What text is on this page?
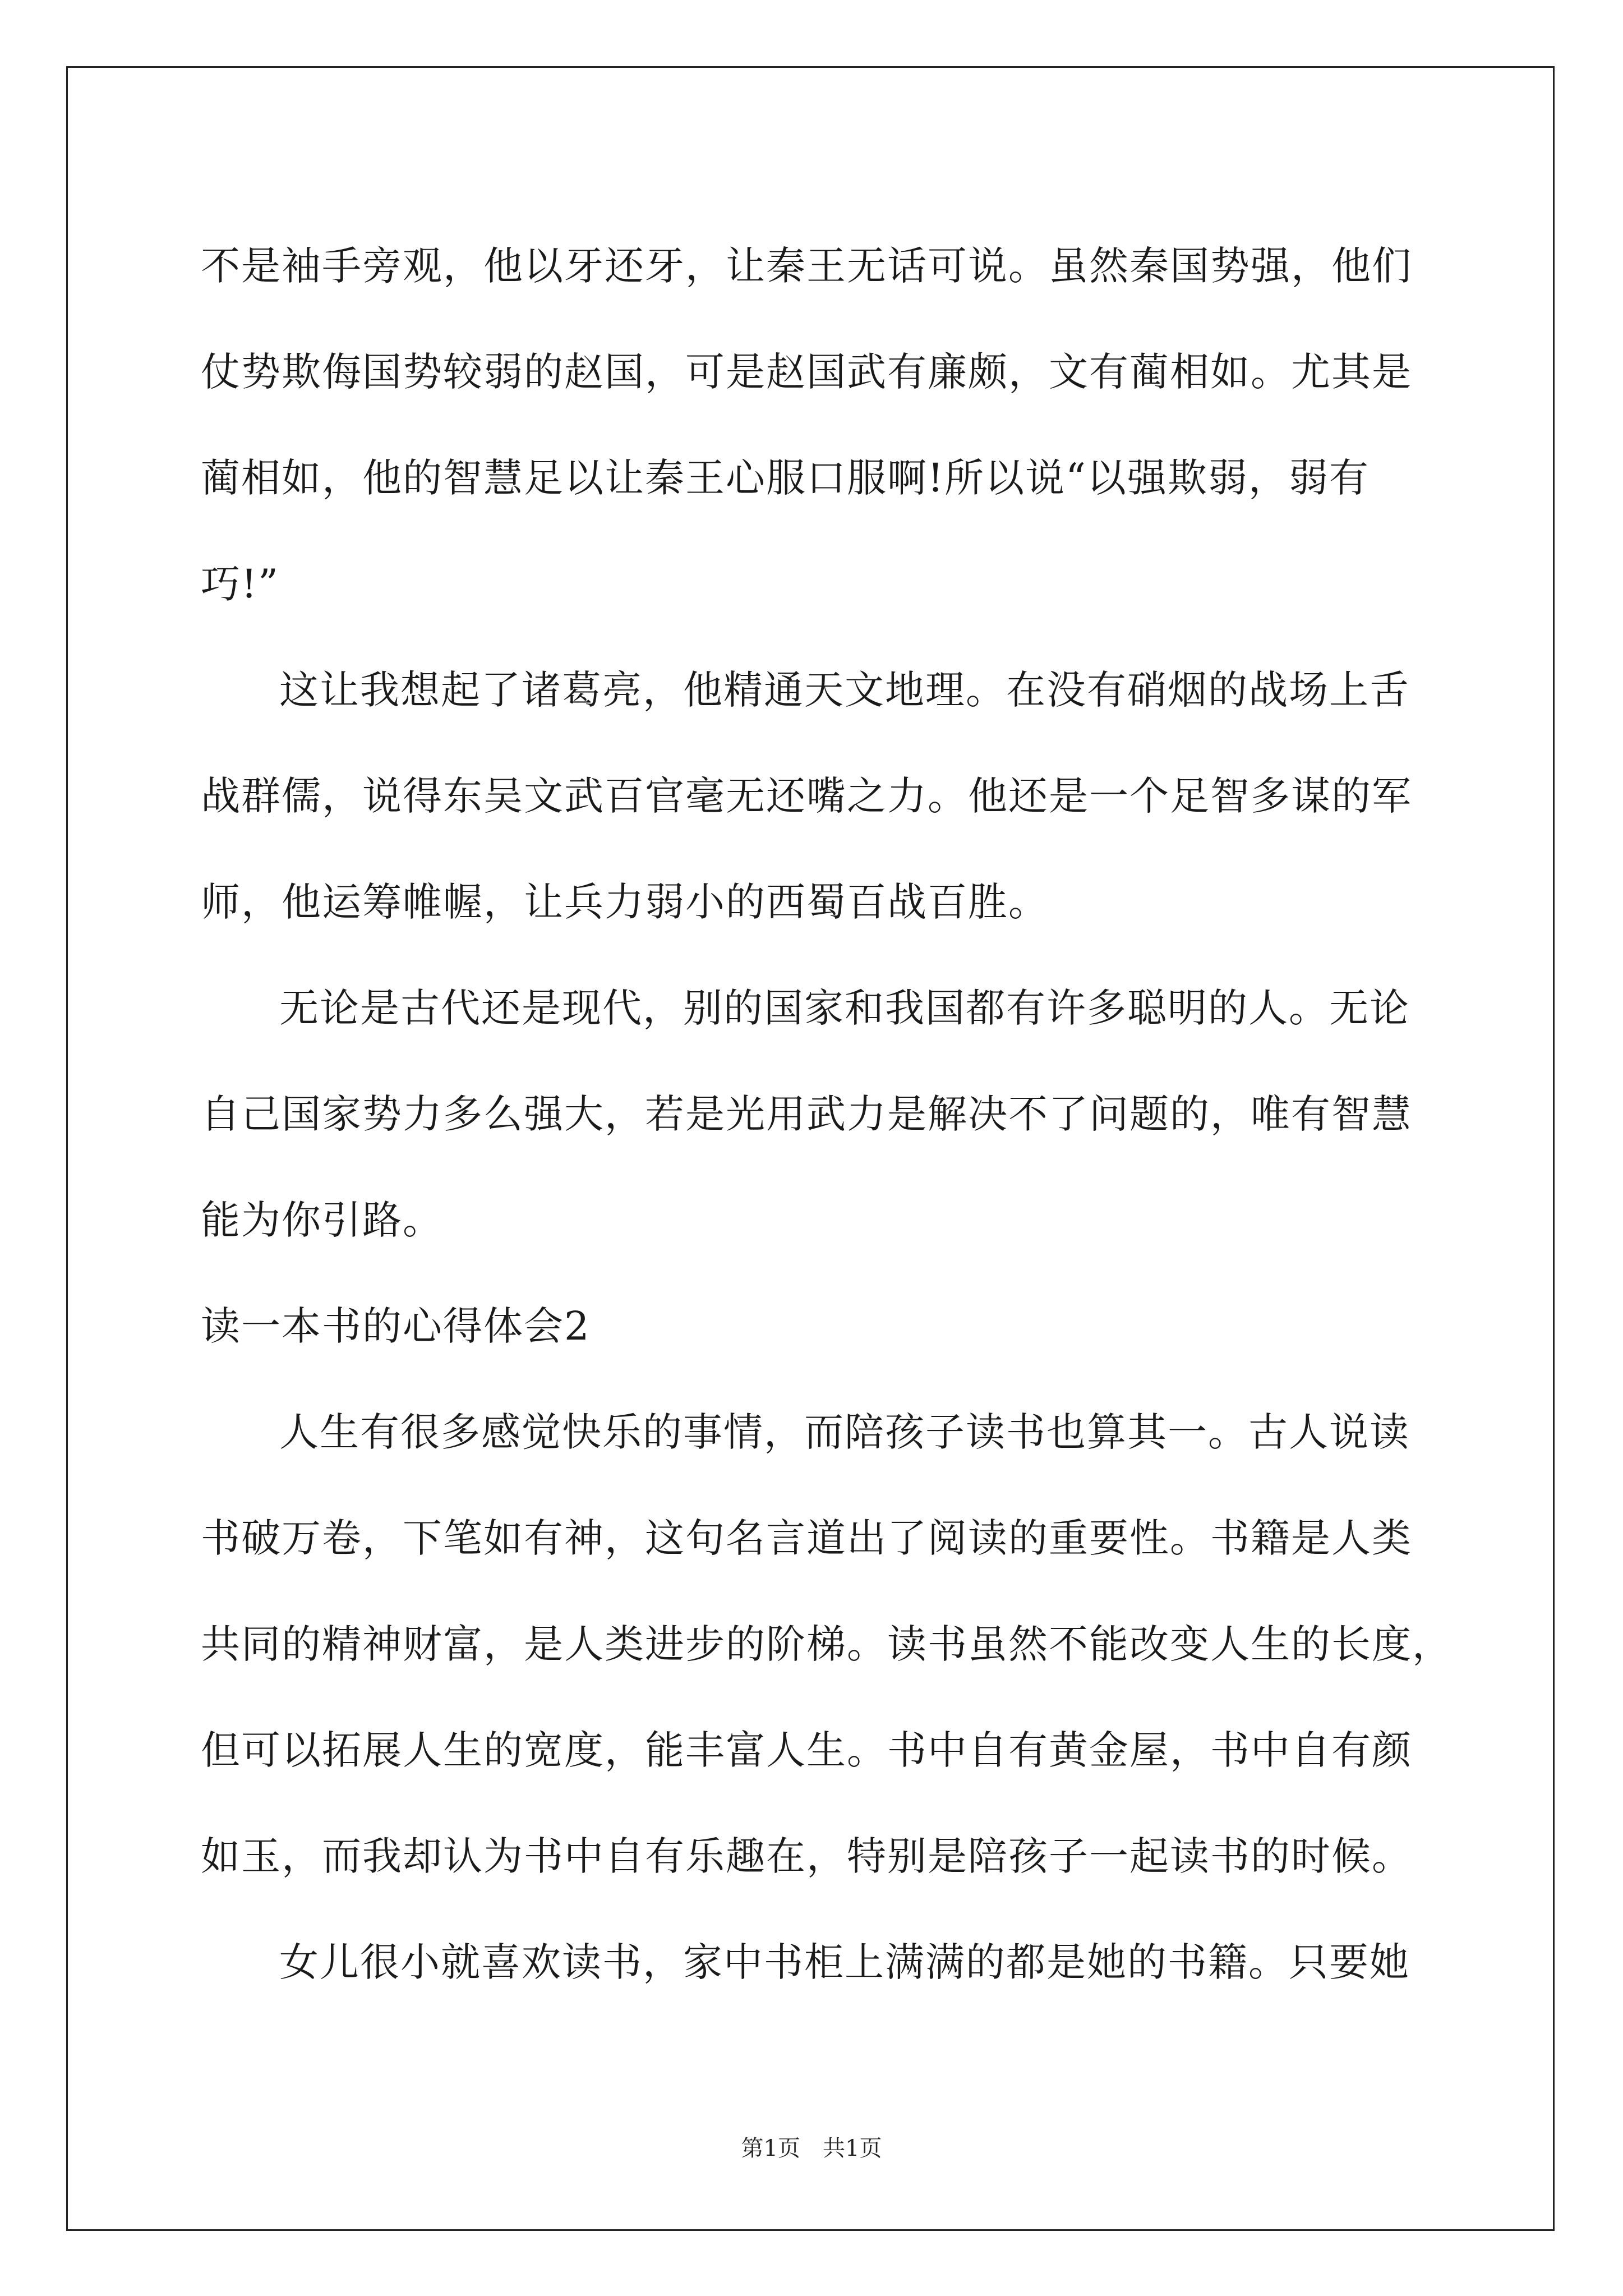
不是袖手旁观，他以牙还牙，让秦王无话可说。虽然秦国势强，他们
仗势欺侮国势较弱的赵国，可是赵国武有廉颇，文有蔺相如。尤其是
蔺相如，他的智慧足以让秦王心服口服啊!所以说“以强欺弱，弱有
巧!”
这让我想起了诸葛亮，他精通天文地理。在没有硝烟的战场上舌
战群儒，说得东吴文武百官毫无还嘴之力。他还是一个足智多谋的军
师，他运筹帷幄，让兵力弱小的西蜀百战百胜。
无论是古代还是现代，别的国家和我国都有许多聪明的人。无论
自己国家势力多么强大，若是光用武力是解决不了问题的，唯有智慧
能为你引路。
读一本书的心得体会2
人生有很多感觉快乐的事情，而陪孩子读书也算其一。古人说读
书破万卷，下笔如有神，这句名言道出了阅读的重要性。书籍是人类
共同的精神财富，是人类进步的阶梯。读书虽然不能改变人生的长度，
但可以拓展人生的宽度，能丰富人生。书中自有黄金屋，书中自有颜
如玉，而我却认为书中自有乐趣在，特别是陪孩子一起读书的时候。
女儿很小就喜欢读书，家中书柜上满满的都是她的书籍。只要她
第1页 共1页
